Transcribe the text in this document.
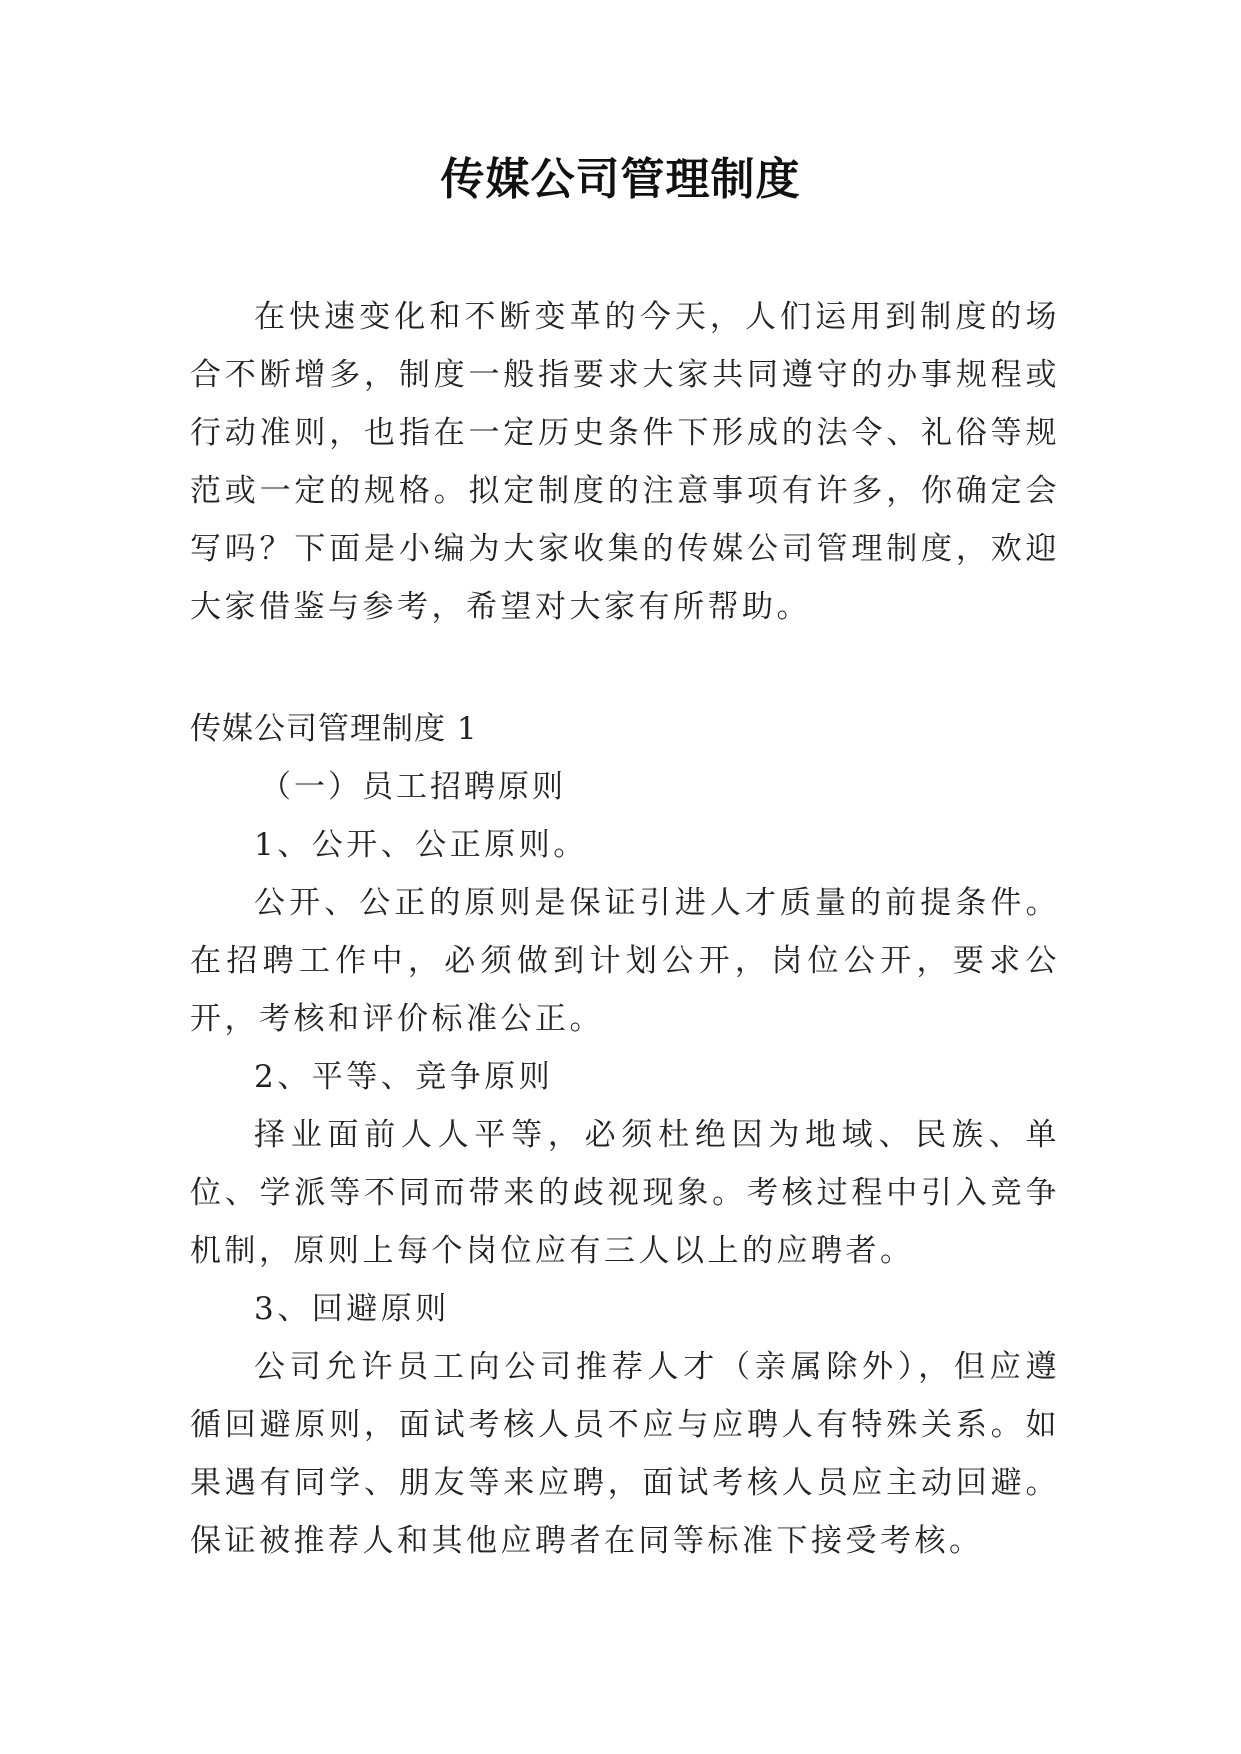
传媒公司管理制度
在快速变化和不断变革的今天，人们运用到制度的场合不断增多，制度一般指要求大家共同遵守的办事规程或行动准则，也指在一定历史条件下形成的法令、礼俗等规范或一定的规格。拟定制度的注意事项有许多，你确定会写吗？下面是小编为大家收集的传媒公司管理制度，欢迎大家借鉴与参考，希望对大家有所帮助。
传媒公司管理制度 1
（一）员工招聘原则
1、公开、公正原则。
公开、公正的原则是保证引进人才质量的前提条件。在招聘工作中，必须做到计划公开，岗位公开，要求公开，考核和评价标准公正。
2、平等、竞争原则
择业面前人人平等，必须杜绝因为地域、民族、单位、学派等不同而带来的歧视现象。考核过程中引入竞争机制，原则上每个岗位应有三人以上的应聘者。
3、回避原则
公司允许员工向公司推荐人才（亲属除外），但应遵循回避原则，面试考核人员不应与应聘人有特殊关系。如果遇有同学、朋友等来应聘，面试考核人员应主动回避。保证被推荐人和其他应聘者在同等标准下接受考核。
